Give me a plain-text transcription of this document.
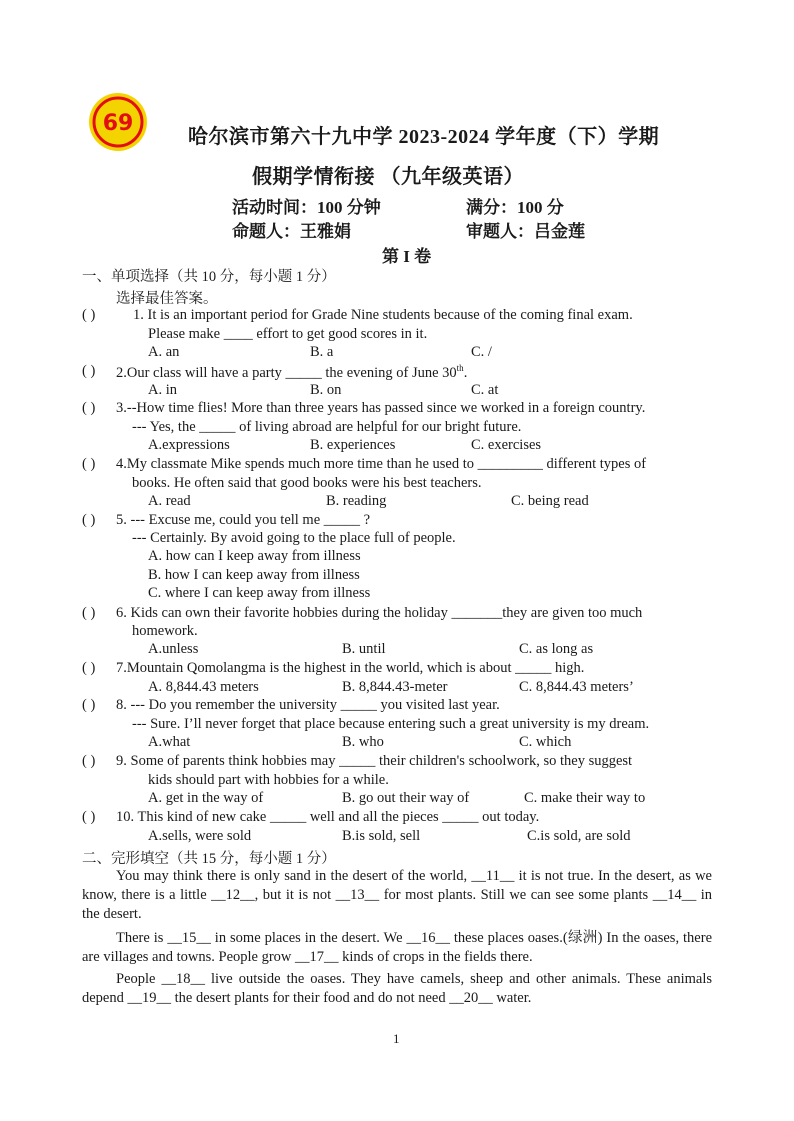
69
哈尔滨市第六十九中学 2023-2024 学年度（下）学期
假期学情衔接 （九年级英语）
活动时间：100 分钟	满分：100 分
命题人：王雅娟	审题人：吕金莲
第 I 卷
一、单项选择（共 10 分，每小题 1 分）
选择最佳答案。
( )	1. It is an important period for Grade Nine students because of the coming final exam.
Please make ____ effort to get good scores in it.
A. an	B. a	C. /
( ) 2.Our class will have a party _____ the evening of June 30th.
A. in	B. on	C. at
( ) 3.--How time flies! More than three years has passed since we worked in a foreign country.
--- Yes, the _____ of living abroad are helpful for our bright future.
A.expressions	B. experiences	C. exercises
( ) 4.My classmate Mike spends much more time than he used to _________ different types of
books. He often said that good books were his best teachers.
A. read	B. reading	C. being read
( ) 5. --- Excuse me, could you tell me _____ ?
--- Certainly. By avoid going to the place full of people.
A. how can I keep away from illness
B. how I can keep away from illness
C. where I can keep away from illness
( ) 6. Kids can own their favorite hobbies during the holiday _______they are given too much
homework.
A.unless	B. until	C. as long as
( ) 7.Mountain Qomolangma is the highest in the world, which is about _____ high.
A. 8,844.43 meters	B. 8,844.43-meter	C. 8,844.43 meters’
( ) 8. --- Do you remember the university _____ you visited last year.
--- Sure. I’ll never forget that place because entering such a great university is my dream.
A.what	B. who	C. which
( ) 9. Some of parents think hobbies may _____ their children's schoolwork, so they suggest
kids should part with hobbies for a while.
A. get in the way of	B. go out their way of	C. make their way to
( ) 10. This kind of new cake _____ well and all the pieces _____ out today.
A.sells, were sold	B.is sold, sell	C.is sold, are sold
二、完形填空（共 15 分，每小题 1 分）
You may think there is only sand in the desert of the world, __11__ it is not true. In the desert, as we know, there is a little __12__, but it is not __13__ for most plants. Still we can see some plants __14__ in the desert.
There is __15__ in some places in the desert. We __16__ these places oases.(绿洲) In the oases, there are villages and towns. People grow __17__ kinds of crops in the fields there.
People __18__ live outside the oases. They have camels, sheep and other animals. These animals depend __19__ the desert plants for their food and do not need __20__ water.
1
